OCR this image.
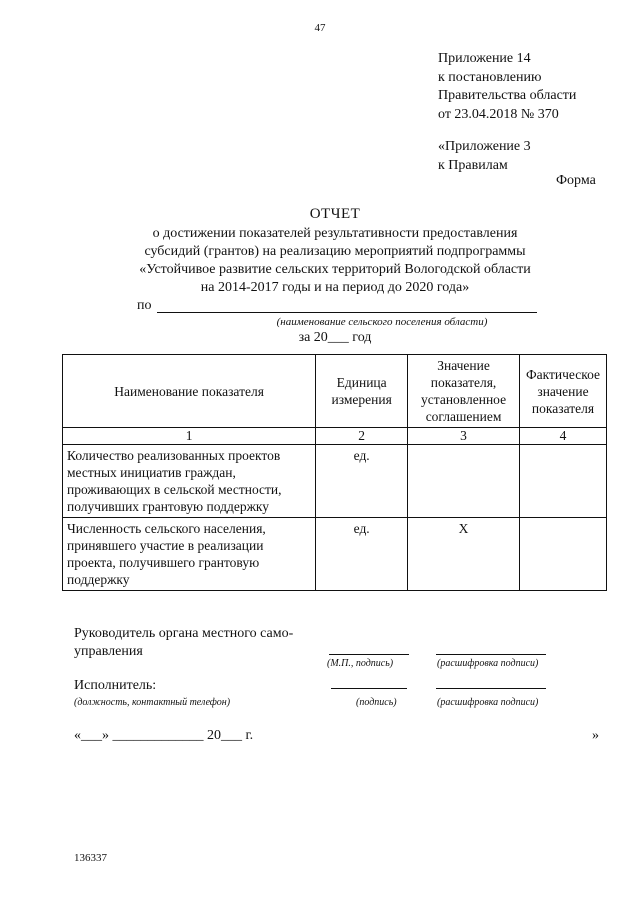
47
Приложение 14
к постановлению
Правительства области
от 23.04.2018 № 370
«Приложение 3
к Правилам
Форма
ОТЧЕТ
о достижении показателей результативности предоставления
субсидий (грантов) на реализацию мероприятий подпрограммы
«Устойчивое развитие сельских территорий Вологодской области
на 2014-2017 годы и на период до 2020 года»
по
(наименование сельского поселения области)
за 20___ год
Наименование показателя	Единица измерения	Значение показателя, установленное соглашением	Фактическое значение показателя
1	2	3	4
Количество реализованных проектов местных инициатив граждан, проживающих в сельской местности, получивших грантовую поддержку	ед.		
Численность сельского населения, принявшего участие в реализации проекта, получившего грантовую поддержку	ед.	Х	
Руководитель органа местного само-
управления
(М.П., подпись)	(расшифровка подписи)
Исполнитель:
(должность, контактный телефон)	(подпись)	(расшифровка подписи)
«___» _____________ 20___ г.	»
136337
